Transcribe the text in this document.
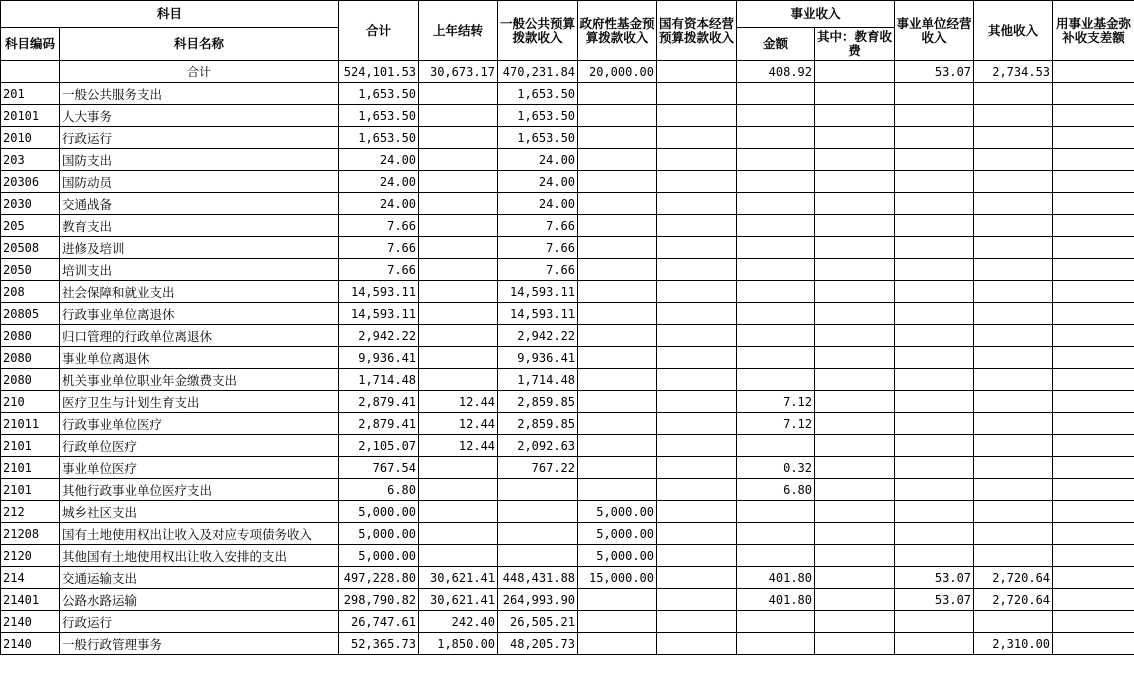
科目		合计	上年结转	一般公共预算拨款收入	政府性基金预算拨款收入	国有资本经营预算拨款收入	事业收入		事业单位经营收入	其他收入	用事业基金弥补收支差额
科目编码	科目名称						金额	其中：教育收费			
	合计	524,101.53	30,673.17	470,231.84	20,000.00		408.92		53.07	2,734.53	
201	一般公共服务支出	1,653.50		1,653.50							
20101	人大事务	1,653.50		1,653.50							
2010	行政运行	1,653.50		1,653.50							
203	国防支出	24.00		24.00							
20306	国防动员	24.00		24.00							
2030	交通战备	24.00		24.00							
205	教育支出	7.66		7.66							
20508	进修及培训	7.66		7.66							
2050	培训支出	7.66		7.66							
208	社会保障和就业支出	14,593.11		14,593.11							
20805	行政事业单位离退休	14,593.11		14,593.11							
2080	归口管理的行政单位离退休	2,942.22		2,942.22							
2080	事业单位离退休	9,936.41		9,936.41							
2080	机关事业单位职业年金缴费支出	1,714.48		1,714.48							
210	医疗卫生与计划生育支出	2,879.41	12.44	2,859.85			7.12				
21011	行政事业单位医疗	2,879.41	12.44	2,859.85			7.12				
2101	行政单位医疗	2,105.07	12.44	2,092.63							
2101	事业单位医疗	767.54		767.22			0.32				
2101	其他行政事业单位医疗支出	6.80					6.80				
212	城乡社区支出	5,000.00			5,000.00						
21208	国有土地使用权出让收入及对应专项债务收入	5,000.00			5,000.00						
2120	其他国有土地使用权出让收入安排的支出	5,000.00			5,000.00						
214	交通运输支出	497,228.80	30,621.41	448,431.88	15,000.00		401.80		53.07	2,720.64	
21401	公路水路运输	298,790.82	30,621.41	264,993.90			401.80		53.07	2,720.64	
2140	行政运行	26,747.61	242.40	26,505.21							
2140	一般行政管理事务	52,365.73	1,850.00	48,205.73						2,310.00	
